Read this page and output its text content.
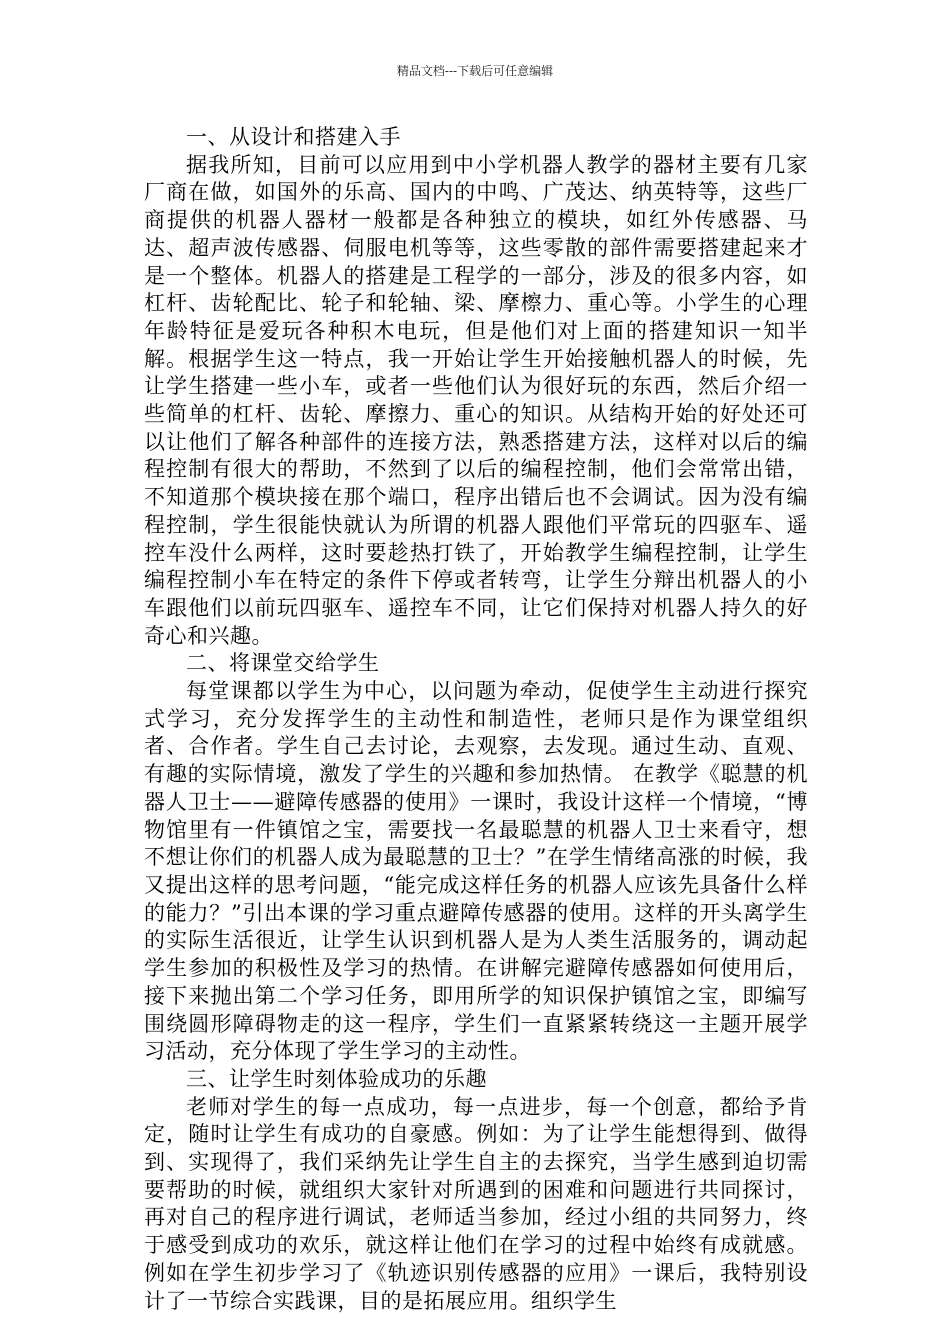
精品文档---下载后可任意编辑

一、从设计和搭建入手

据我所知，目前可以应用到中小学机器人教学的器材主要有几家厂商在做，如国外的乐高、国内的中鸣、广茂达、纳英特等，这些厂商提供的机器人器材一般都是各种独立的模块，如红外传感器、马达、超声波传感器、伺服电机等等，这些零散的部件需要搭建起来才是一个整体。机器人的搭建是工程学的一部分，涉及的很多内容，如杠杆、齿轮配比、轮子和轮轴、梁、摩檫力、重心等。小学生的心理年龄特征是爱玩各种积木电玩，但是他们对上面的搭建知识一知半解。根据学生这一特点，我一开始让学生开始接触机器人的时候，先让学生搭建一些小车，或者一些他们认为很好玩的东西，然后介绍一些简单的杠杆、齿轮、摩擦力、重心的知识。从结构开始的好处还可以让他们了解各种部件的连接方法，熟悉搭建方法，这样对以后的编程控制有很大的帮助，不然到了以后的编程控制，他们会常常出错，不知道那个模块接在那个端口，程序出错后也不会调试。因为没有编程控制，学生很能快就认为所谓的机器人跟他们平常玩的四驱车、遥控车没什么两样，这时要趁热打铁了，开始教学生编程控制，让学生编程控制小车在特定的条件下停或者转弯，让学生分辩出机器人的小车跟他们以前玩四驱车、遥控车不同，让它们保持对机器人持久的好奇心和兴趣。

二、将课堂交给学生

每堂课都以学生为中心，以问题为牵动，促使学生主动进行探究式学习，充分发挥学生的主动性和制造性，老师只是作为课堂组织者、合作者。学生自己去讨论，去观察，去发现。通过生动、直观、有趣的实际情境，激发了学生的兴趣和参加热情。 在教学《聪慧的机器人卫士——避障传感器的使用》一课时，我设计这样一个情境，“博物馆里有一件镇馆之宝，需要找一名最聪慧的机器人卫士来看守，想不想让你们的机器人成为最聪慧的卫士？”在学生情绪高涨的时候，我又提出这样的思考问题，“能完成这样任务的机器人应该先具备什么样的能力？”引出本课的学习重点避障传感器的使用。这样的开头离学生的实际生活很近，让学生认识到机器人是为人类生活服务的，调动起学生参加的积极性及学习的热情。在讲解完避障传感器如何使用后，接下来抛出第二个学习任务，即用所学的知识保护镇馆之宝，即编写围绕圆形障碍物走的这一程序，学生们一直紧紧转绕这一主题开展学习活动，充分体现了学生学习的主动性。

三、让学生时刻体验成功的乐趣

老师对学生的每一点成功，每一点进步，每一个创意，都给予肯定，随时让学生有成功的自豪感。例如：为了让学生能想得到、做得到、实现得了，我们采纳先让学生自主的去探究，当学生感到迫切需要帮助的时候，就组织大家针对所遇到的困难和问题进行共同探讨，再对自己的程序进行调试，老师适当参加，经过小组的共同努力，终于感受到成功的欢乐，就这样让他们在学习的过程中始终有成就感。例如在学生初步学习了《轨迹识别传感器的应用》一课后，我特别设计了一节综合实践课，目的是拓展应用。组织学生
